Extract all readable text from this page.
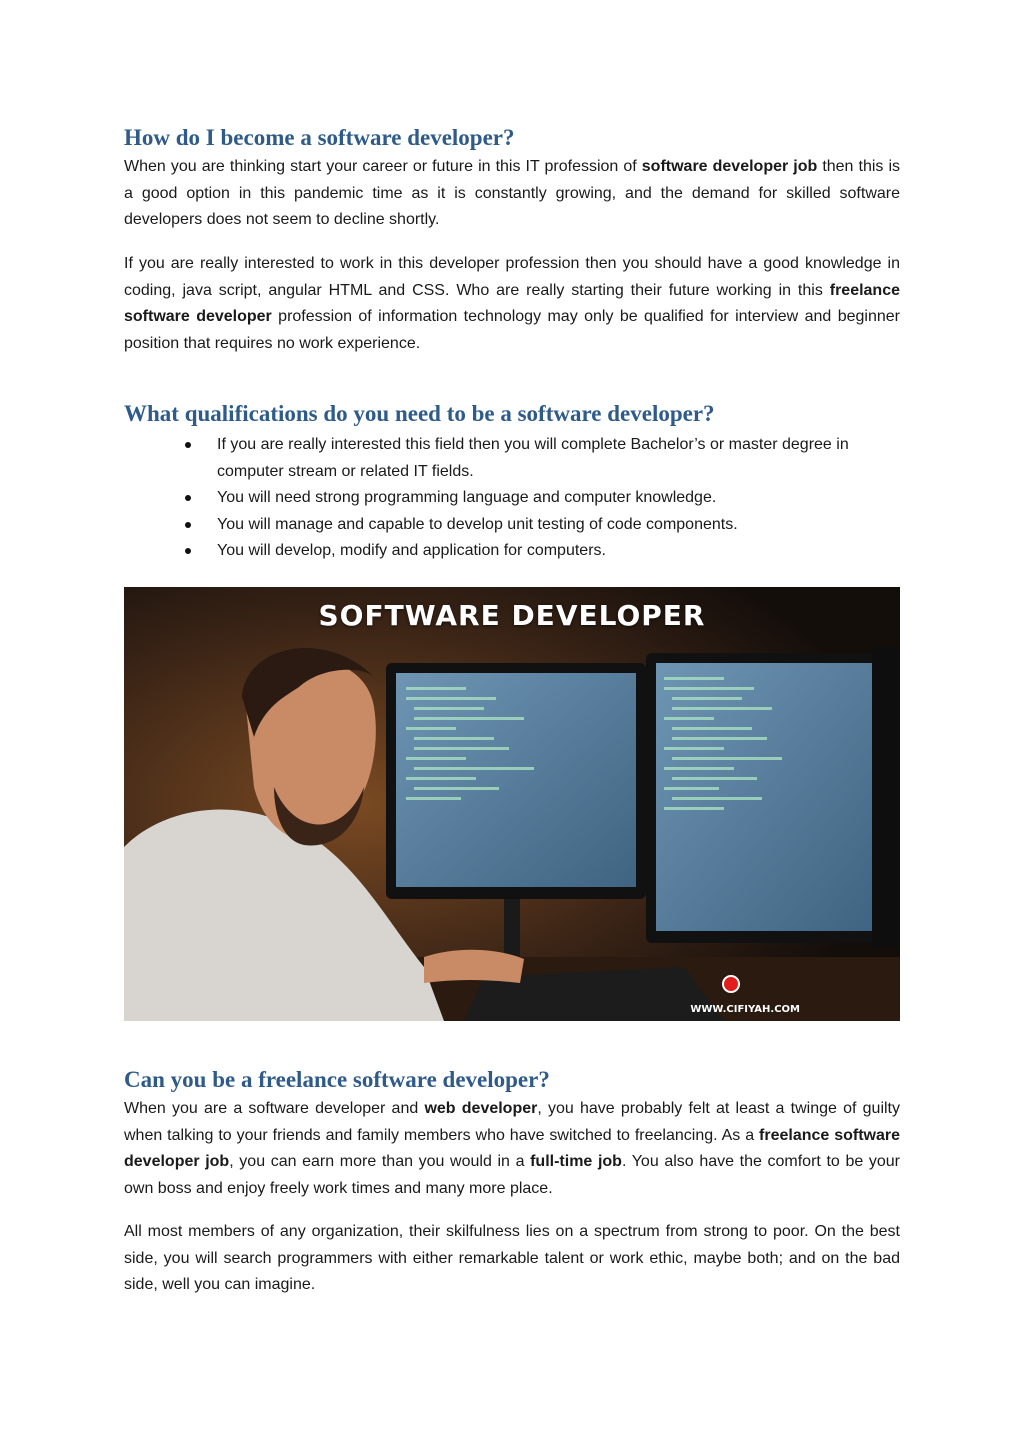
How do I become a software developer?

When you are thinking start your career or future in this IT profession of software developer job then this is a good option in this pandemic time as it is constantly growing, and the demand for skilled software developers does not seem to decline shortly.

If you are really interested to work in this developer profession then you should have a good knowledge in coding, java script, angular HTML and CSS. Who are really starting their future working in this freelance software developer profession of information technology may only be qualified for interview and beginner position that requires no work experience.

What qualifications do you need to be a software developer?
If you are really interested this field then you will complete Bachelor’s or master degree in computer stream or related IT fields.
You will need strong programming language and computer knowledge.
You will manage and capable to develop unit testing of code components.
You will develop, modify and application for computers.
SOFTWARE DEVELOPER
WWW.CIFIYAH.COM
Can you be a freelance software developer?

When you are a software developer and web developer, you have probably felt at least a twinge of guilty when talking to your friends and family members who have switched to freelancing. As a freelance software developer job, you can earn more than you would in a full-time job. You also have the comfort to be your own boss and enjoy freely work times and many more place.

All most members of any organization, their skilfulness lies on a spectrum from strong to poor. On the best side, you will search programmers with either remarkable talent or work ethic, maybe both; and on the bad side, well you can imagine.
